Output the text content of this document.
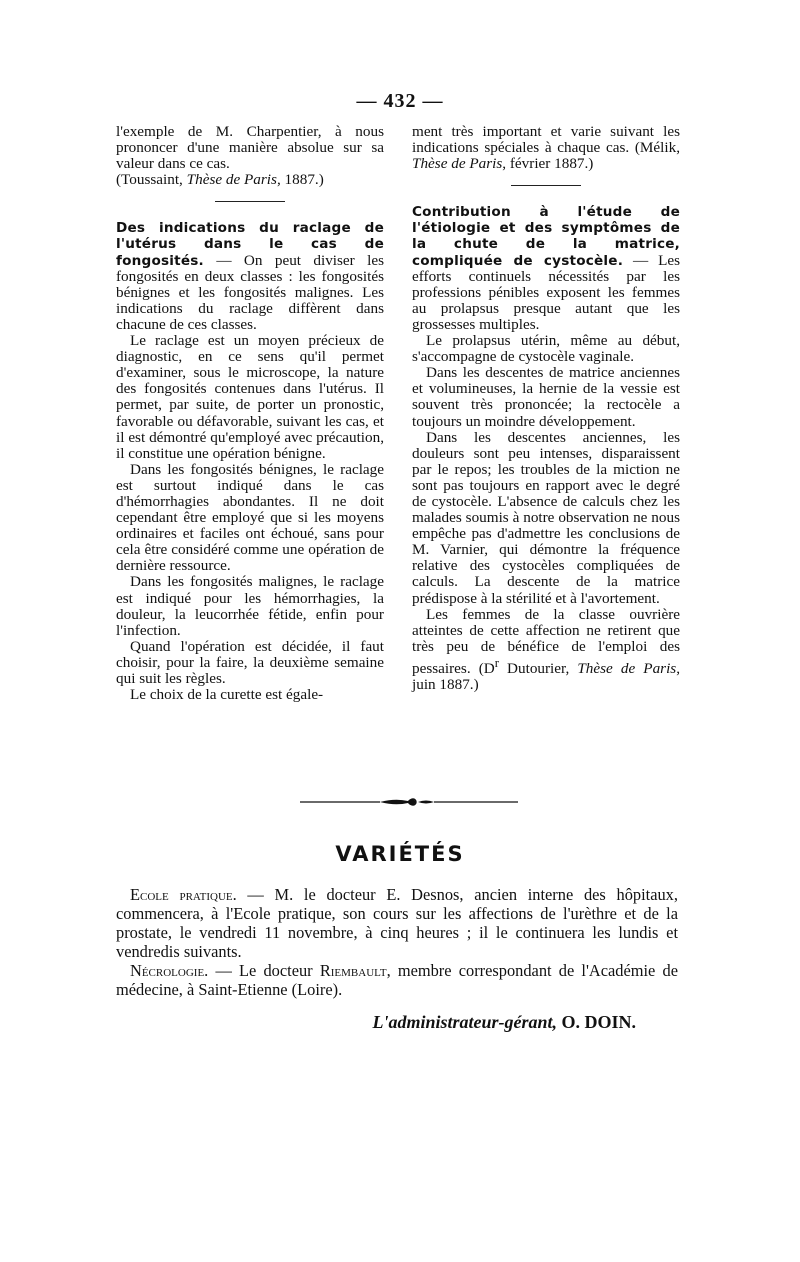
— 432 —

l'exemple de M. Charpentier, à nous prononcer d'une manière absolue sur sa valeur dans ce cas.
(Toussaint, Thèse de Paris, 1887.)

Des indications du raclage de l'utérus dans le cas de fongosités. — On peut diviser les fongosités en deux classes : les fongosités bénignes et les fongosités malignes. Les indications du raclage diffèrent dans chacune de ces classes.

Le raclage est un moyen précieux de diagnostic, en ce sens qu'il permet d'examiner, sous le microscope, la nature des fongosités contenues dans l'utérus. Il permet, par suite, de porter un pronostic, favorable ou défavorable, suivant les cas, et il est démontré qu'employé avec précaution, il constitue une opération bénigne.

Dans les fongosités bénignes, le raclage est surtout indiqué dans le cas d'hémorrhagies abondantes. Il ne doit cependant être employé que si les moyens ordinaires et faciles ont échoué, sans pour cela être considéré comme une opération de dernière ressource.

Dans les fongosités malignes, le raclage est indiqué pour les hémorrhagies, la douleur, la leucorrhée fétide, enfin pour l'infection.

Quand l'opération est décidée, il faut choisir, pour la faire, la deuxième semaine qui suit les règles.

Le choix de la curette est égale-

ment très important et varie suivant les indications spéciales à chaque cas. (Mélik, Thèse de Paris, février 1887.)

Contribution à l'étude de l'étiologie et des symptômes de la chute de la matrice, compliquée de cystocèle. — Les efforts continuels nécessités par les professions pénibles exposent les femmes au prolapsus presque autant que les grossesses multiples.

Le prolapsus utérin, même au début, s'accompagne de cystocèle vaginale.

Dans les descentes de matrice anciennes et volumineuses, la hernie de la vessie est souvent très prononcée; la rectocèle a toujours un moindre développement.

Dans les descentes anciennes, les douleurs sont peu intenses, disparaissent par le repos; les troubles de la miction ne sont pas toujours en rapport avec le degré de cystocèle. L'absence de calculs chez les malades soumis à notre observation ne nous empêche pas d'admettre les conclusions de M. Varnier, qui démontre la fréquence relative des cystocèles compliquées de calculs. La descente de la matrice prédispose à la stérilité et à l'avortement.

Les femmes de la classe ouvrière atteintes de cette affection ne retirent que très peu de bénéfice de l'emploi des pessaires. ($D^r$ Dutourier, Thèse de Paris, juin 1887.)

VARIÉTÉS

Ecole pratique. — M. le docteur E. Desnos, ancien interne des hôpitaux, commencera, à l'Ecole pratique, son cours sur les affections de l'urèthre et de la prostate, le vendredi 11 novembre, à cinq heures ; il le continuera les lundis et vendredis suivants.

Nécrologie. — Le docteur Riembault, membre correspondant de l'Académie de médecine, à Saint-Etienne (Loire).

L'administrateur-gérant, O. DOIN.
